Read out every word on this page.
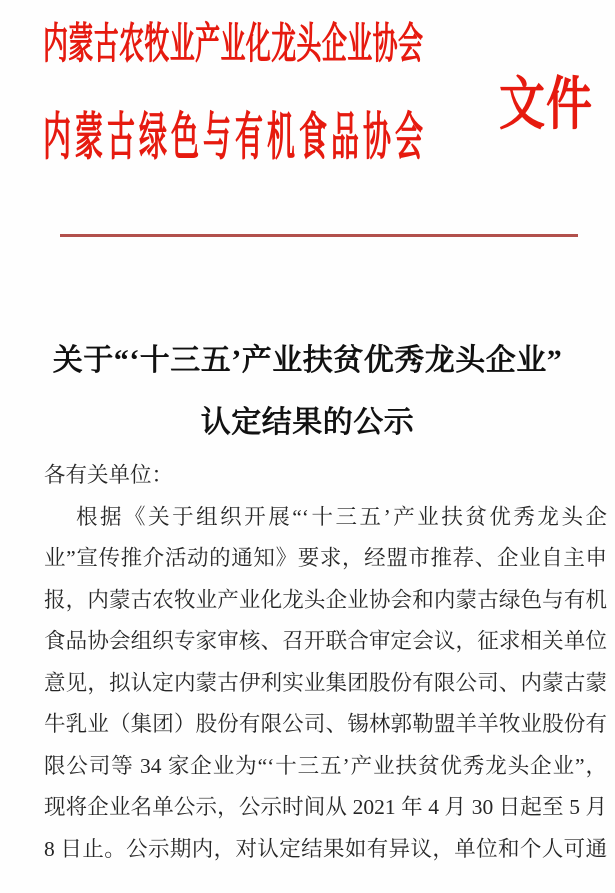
内蒙古农牧业产业化龙头企业协会
内蒙古绿色与有机食品协会
文件
关于“‘十三五’产业扶贫优秀龙头企业”
认定结果的公示
各有关单位：
根据《关于组织开展“‘十三五’产业扶贫优秀龙头企
业”宣传推介活动的通知》要求，经盟市推荐、企业自主申
报，内蒙古农牧业产业化龙头企业协会和内蒙古绿色与有机
食品协会组织专家审核、召开联合审定会议，征求相关单位
意见，拟认定内蒙古伊利实业集团股份有限公司、内蒙古蒙
牛乳业（集团）股份有限公司、锡林郭勒盟羊羊牧业股份有
限公司等 34 家企业为“‘十三五’产业扶贫优秀龙头企业”，
现将企业名单公示，公示时间从 2021 年 4 月 30 日起至 5 月
8 日止。公示期内，对认定结果如有异议，单位和个人可通
